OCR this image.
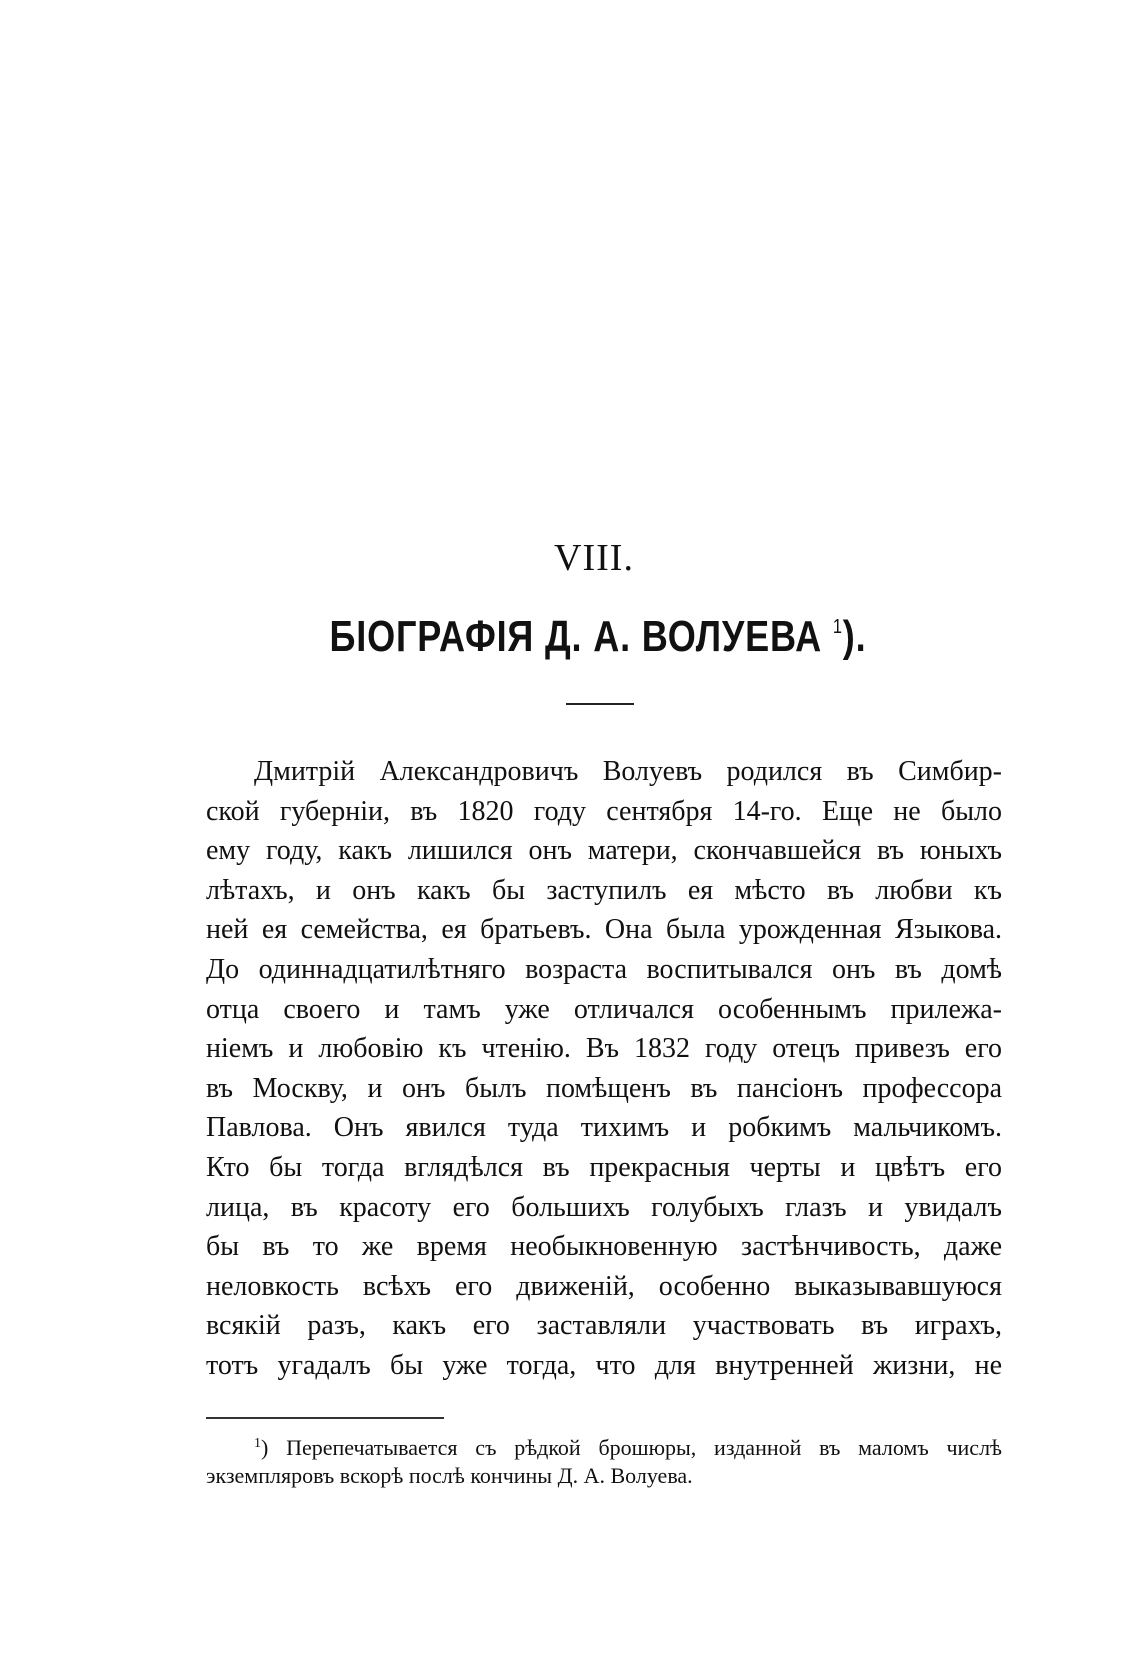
VIII.
БІОГРАФІЯ Д. А. ВОЛУЕВА $^1$).
Дмитрій Александровичъ Волуевъ родился въ Симбир-
ской губерніи, въ 1820 году сентября 14-го. Еще не было
ему году, какъ лишился онъ матери, скончавшейся въ юныхъ
лѣтахъ, и онъ какъ бы заступилъ ея мѣсто въ любви къ
ней ея семейства, ея братьевъ. Она была урожденная Языкова.
До одиннадцатилѣтняго возраста воспитывался онъ въ домѣ
отца своего и тамъ уже отличался особеннымъ прилежа-
ніемъ и любовію къ чтенію. Въ 1832 году отецъ привезъ его
въ Москву, и онъ былъ помѣщенъ въ пансіонъ профессора
Павлова. Онъ явился туда тихимъ и робкимъ мальчикомъ.
Кто бы тогда вглядѣлся въ прекрасныя черты и цвѣтъ его
лица, въ красоту его большихъ голубыхъ глазъ и увидалъ
бы въ то же время необыкновенную застѣнчивость, даже
неловкость всѣхъ его движеній, особенно выказывавшуюся
всякій разъ, какъ его заставляли участвовать въ играхъ,
тотъ угадалъ бы уже тогда, что для внутренней жизни, не
$^1$) Перепечатывается съ рѣдкой брошюры, изданной въ маломъ числѣ
экземпляровъ вскорѣ послѣ кончины Д. А. Волуева.
